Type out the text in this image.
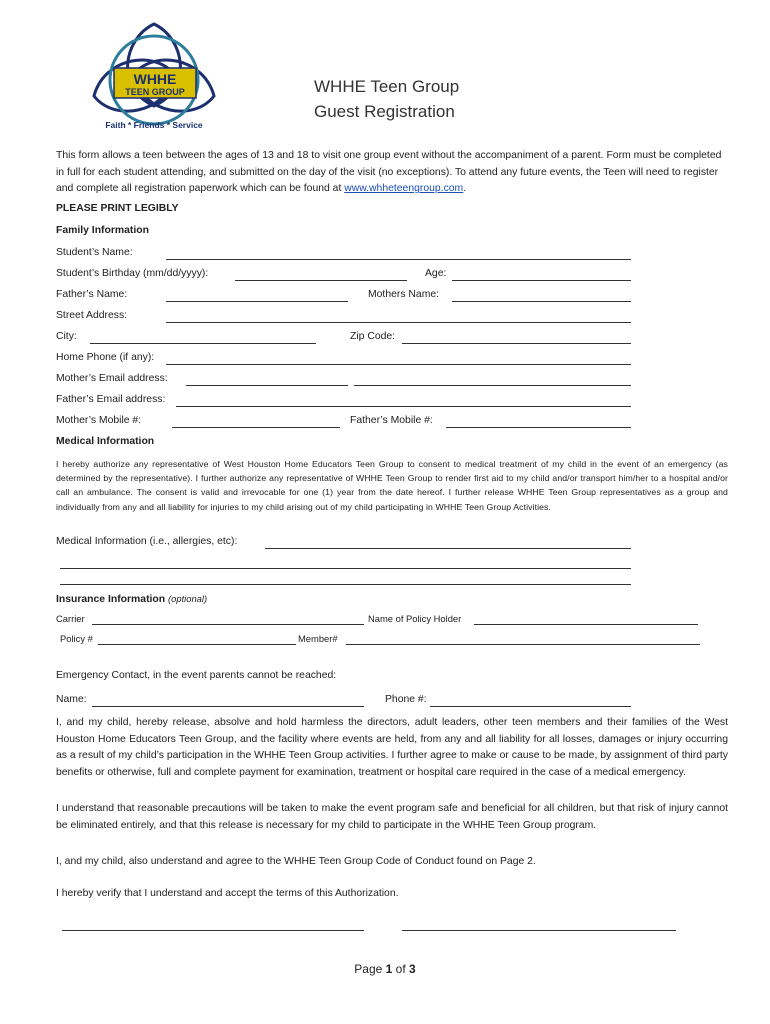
WHHE
TEEN GROUP
Faith * Friends * Service
WHHE Teen Group
Guest Registration
This form allows a teen between the ages of 13 and 18 to visit one group event without the accompaniment of a parent. Form must be completed in full for each student attending, and submitted on the day of the visit (no exceptions). To attend any future events, the Teen will need to register and complete all registration paperwork which can be found at www.whheteengroup.com.
PLEASE PRINT LEGIBLY
Family Information
Student’s Name:
Student’s Birthday (mm/dd/yyyy):	Age:
Father’s Name:	Mothers Name:
Street Address:
City:	Zip Code:
Home Phone (if any):
Mother’s Email address:
Father’s Email address:
Mother’s Mobile #:	Father’s Mobile #:
Medical Information
I hereby authorize any representative of West Houston Home Educators Teen Group to consent to medical treatment of my child in the event of an emergency (as determined by the representative). I further authorize any representative of WHHE Teen Group to render first aid to my child and/or transport him/her to a hospital and/or call an ambulance. The consent is valid and irrevocable for one (1) year from the date hereof. I further release WHHE Teen Group representatives as a group and individually from any and all liability for injuries to my child arising out of my child participating in WHHE Teen Group Activities.
Medical Information (i.e., allergies, etc):
Insurance Information (optional)
Carrier	Name of Policy Holder
Policy #	Member#
Emergency Contact, in the event parents cannot be reached:
Name:	Phone #:
I, and my child, hereby release, absolve and hold harmless the directors, adult leaders, other teen members and their families of the West Houston Home Educators Teen Group, and the facility where events are held, from any and all liability for all losses, damages or injury occurring as a result of my child’s participation in the WHHE Teen Group activities. I further agree to make or cause to be made, by assignment of third party benefits or otherwise, full and complete payment for examination, treatment or hospital care required in the case of a medical emergency.
I understand that reasonable precautions will be taken to make the event program safe and beneficial for all children, but that risk of injury cannot be eliminated entirely, and that this release is necessary for my child to participate in the WHHE Teen Group program.
I, and my child, also understand and agree to the WHHE Teen Group Code of Conduct found on Page 2.
I hereby verify that I understand and accept the terms of this Authorization.
Page 1 of 3
